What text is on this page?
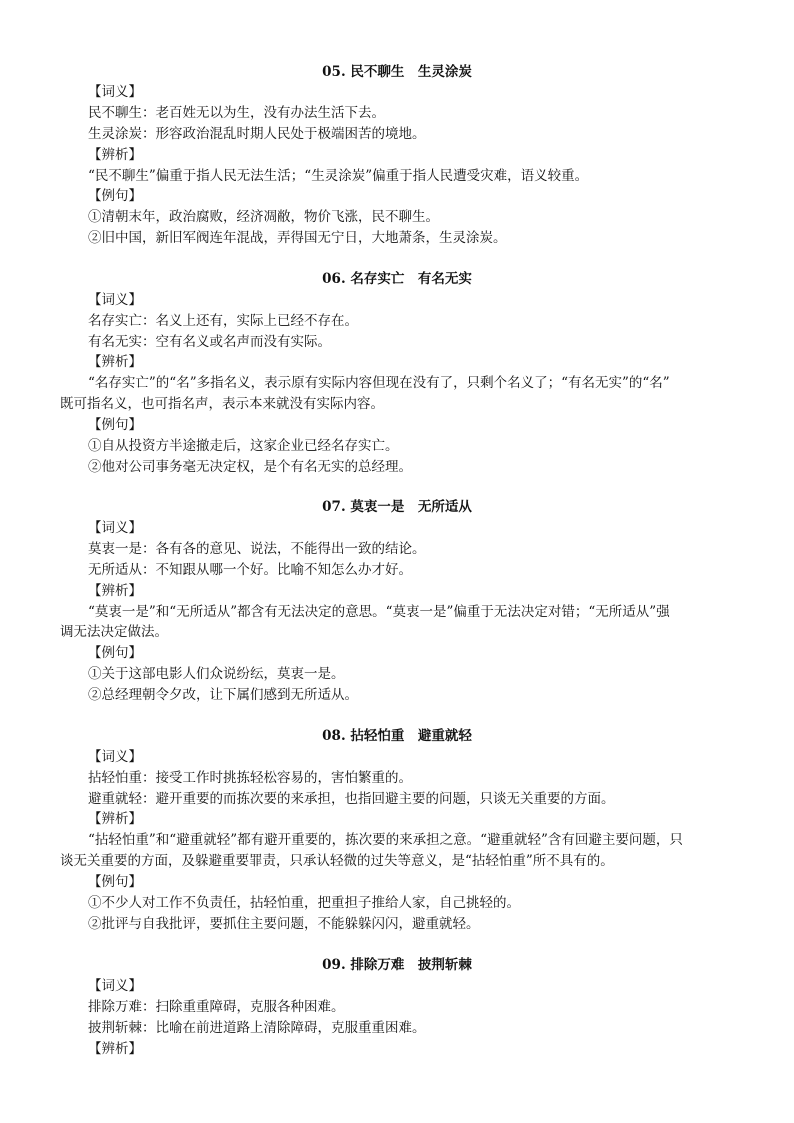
05. 民不聊生　生灵涂炭
【词义】
民不聊生：老百姓无以为生，没有办法生活下去。
生灵涂炭：形容政治混乱时期人民处于极端困苦的境地。
【辨析】
“民不聊生”偏重于指人民无法生活；“生灵涂炭”偏重于指人民遭受灾难，语义较重。
【例句】
①清朝末年，政治腐败，经济凋敝，物价飞涨，民不聊生。
②旧中国，新旧军阀连年混战，弄得国无宁日，大地萧条，生灵涂炭。
06. 名存实亡　有名无实
【词义】
名存实亡：名义上还有，实际上已经不存在。
有名无实：空有名义或名声而没有实际。
【辨析】
“名存实亡”的“名”多指名义，表示原有实际内容但现在没有了，只剩个名义了；“有名无实”的“名”
既可指名义，也可指名声，表示本来就没有实际内容。
【例句】
①自从投资方半途撤走后，这家企业已经名存实亡。
②他对公司事务毫无决定权，是个有名无实的总经理。
07. 莫衷一是　无所适从
【词义】
莫衷一是：各有各的意见、说法，不能得出一致的结论。
无所适从：不知跟从哪一个好。比喻不知怎么办才好。
【辨析】
“莫衷一是”和“无所适从”都含有无法决定的意思。“莫衷一是”偏重于无法决定对错；“无所适从”强
调无法决定做法。
【例句】
①关于这部电影人们众说纷纭，莫衷一是。
②总经理朝令夕改，让下属们感到无所适从。
08. 拈轻怕重　避重就轻
【词义】
拈轻怕重：接受工作时挑拣轻松容易的，害怕繁重的。
避重就轻：避开重要的而拣次要的来承担，也指回避主要的问题，只谈无关重要的方面。
【辨析】
“拈轻怕重”和“避重就轻”都有避开重要的，拣次要的来承担之意。“避重就轻”含有回避主要问题，只
谈无关重要的方面，及躲避重要罪责，只承认轻微的过失等意义，是“拈轻怕重”所不具有的。
【例句】
①不少人对工作不负责任，拈轻怕重，把重担子推给人家，自己挑轻的。
②批评与自我批评，要抓住主要问题，不能躲躲闪闪，避重就轻。
09. 排除万难　披荆斩棘
【词义】
排除万难：扫除重重障碍，克服各种困难。
披荆斩棘：比喻在前进道路上清除障碍，克服重重困难。
【辨析】
